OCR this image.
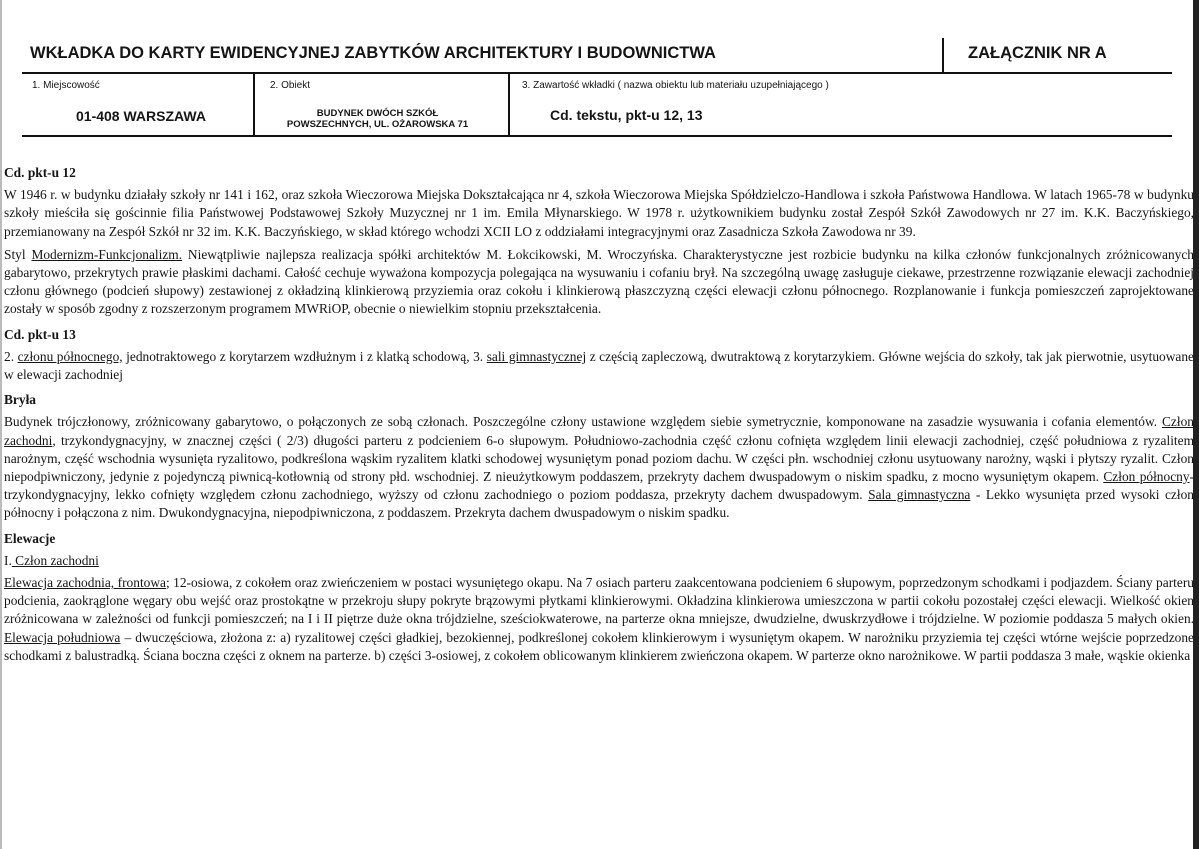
WKŁADKA DO KARTY EWIDENCYJNEJ ZABYTKÓW ARCHITEKTURY I BUDOWNICTWA	ZAŁĄCZNIK NR A
1. Miejscowość
01-408 WARSZAWA
2. Obiekt
BUDYNEK DWÓCH SZKÓŁ
POWSZECHNYCH, UL. OŻAROWSKA 71
3. Zawartość wkładki ( nazwa obiektu lub materiału uzupełniającego )
Cd. tekstu, pkt-u 12, 13

Cd. pkt-u 12

W 1946 r. w budynku działały szkoły nr 141 i 162, oraz szkoła Wieczorowa Miejska Dokształcająca nr 4, szkoła Wieczorowa Miejska Spółdzielczo-Handlowa i szkoła Państwowa Handlowa. W latach 1965-78 w budynku szkoły mieściła się gościnnie filia Państwowej Podstawowej Szkoły Muzycznej nr 1 im. Emila Młynarskiego. W 1978 r. użytkownikiem budynku został Zespół Szkół Zawodowych nr 27 im. K.K. Baczyńskiego, przemianowany na Zespół Szkół nr 32 im. K.K. Baczyńskiego, w skład którego wchodzi XCII LO z oddziałami integracyjnymi oraz Zasadnicza Szkoła Zawodowa nr 39.

Styl Modernizm-Funkcjonalizm. Niewątpliwie najlepsza realizacja spółki architektów M. Łokcikowski, M. Wroczyńska. Charakterystyczne jest rozbicie budynku na kilka członów funkcjonalnych zróżnicowanych gabarytowo, przekrytych prawie płaskimi dachami. Całość cechuje wyważona kompozycja polegająca na wysuwaniu i cofaniu brył. Na szczególną uwagę zasługuje ciekawe, przestrzenne rozwiązanie elewacji zachodniej członu głównego (podcień słupowy) zestawionej z okładziną klinkierową przyziemia oraz cokołu i klinkierową płaszczyzną części elewacji członu północnego. Rozplanowanie i funkcja pomieszczeń zaprojektowane zostały w sposób zgodny z rozszerzonym programem MWRiOP, obecnie o niewielkim stopniu przekształcenia.

Cd. pkt-u 13

2. członu północnego, jednotraktowego z korytarzem wzdłużnym i z klatką schodową, 3. sali gimnastycznej z częścią zapleczową, dwutraktową z korytarzykiem. Główne wejścia do szkoły, tak jak pierwotnie, usytuowane w elewacji zachodniej

Bryła

Budynek trójczłonowy, zróżnicowany gabarytowo, o połączonych ze sobą członach. Poszczególne człony ustawione względem siebie symetrycznie, komponowane na zasadzie wysuwania i cofania elementów. Człon zachodni, trzykondygnacyjny, w znacznej części ( 2/3) długości parteru z podcieniem 6-o słupowym. Południowo-zachodnia część członu cofnięta względem linii elewacji zachodniej, część południowa z ryzalitem narożnym, część wschodnia wysunięta ryzalitowo, podkreślona wąskim ryzalitem klatki schodowej wysuniętym ponad poziom dachu. W części płn. wschodniej członu usytuowany narożny, wąski i płytszy ryzalit. Człon niepodpiwniczony, jedynie z pojedynczą piwnicą-kotłownią od strony płd. wschodniej. Z nieużytkowym poddaszem, przekryty dachem dwuspadowym o niskim spadku, z mocno wysuniętym okapem. Człon północny- trzykondygnacyjny, lekko cofnięty względem członu zachodniego, wyższy od członu zachodniego o poziom poddasza, przekryty dachem dwuspadowym. Sala gimnastyczna - Lekko wysunięta przed wysoki człon północny i połączona z nim. Dwukondygnacyjna, niepodpiwniczona, z poddaszem. Przekryta dachem dwuspadowym o niskim spadku.

Elewacje

I. Człon zachodni

Elewacja zachodnia, frontowa; 12-osiowa, z cokołem oraz zwieńczeniem w postaci wysuniętego okapu. Na 7 osiach parteru zaakcentowana podcieniem 6 słupowym, poprzedzonym schodkami i podjazdem. Ściany parteru podcienia, zaokrąglone węgary obu wejść oraz prostokątne w przekroju słupy pokryte brązowymi płytkami klinkierowymi. Okładzina klinkierowa umieszczona w partii cokołu pozostałej części elewacji. Wielkość okien zróżnicowana w zależności od funkcji pomieszczeń; na I i II piętrze duże okna trójdzielne, sześciokwaterowe, na parterze okna mniejsze, dwudzielne, dwuskrzydłowe i trójdzielne. W poziomie poddasza 5 małych okien. Elewacja południowa – dwuczęściowa, złożona z: a) ryzalitowej części gładkiej, bezokiennej, podkreślonej cokołem klinkierowym i wysuniętym okapem. W narożniku przyziemia tej części wtórne wejście poprzedzone schodkami z balustradką. Ściana boczna części z oknem na parterze. b) części 3-osiowej, z cokołem oblicowanym klinkierem zwieńczona okapem. W parterze okno narożnikowe. W partii poddasza 3 małe, wąskie okienka
